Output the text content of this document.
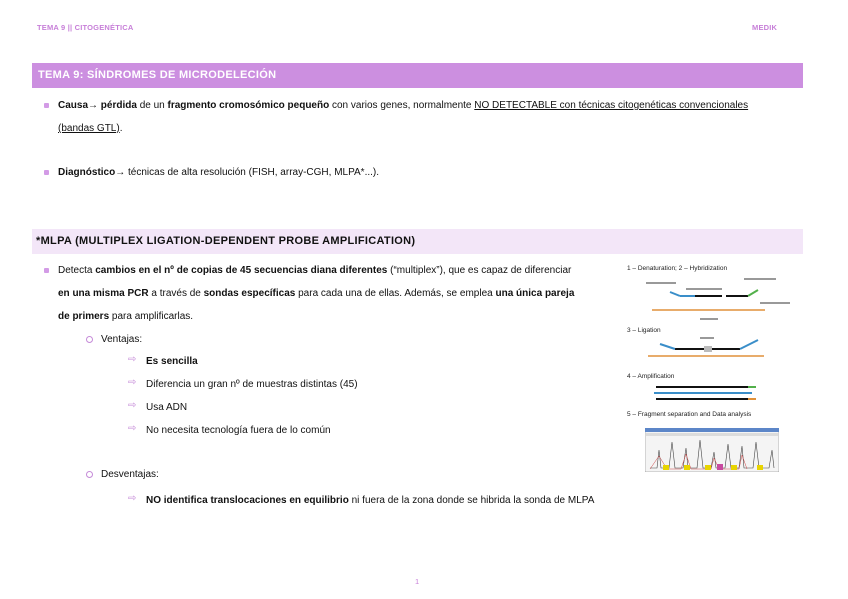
TEMA 9 || CITOGENÉTICA	MEDIK
TEMA 9: SÍNDROMES DE MICRODELECIÓN
Causa→ pérdida de un fragmento cromosómico pequeño con varios genes, normalmente NO DETECTABLE con técnicas citogenéticas convencionales
(bandas GTL).
Diagnóstico→ técnicas de alta resolución (FISH, array-CGH, MLPA*...).
*MLPA (MULTIPLEX LIGATION-DEPENDENT PROBE AMPLIFICATION)
Detecta cambios en el nº de copias de 45 secuencias diana diferentes (“multiplex”), que es capaz de diferenciar
en una misma PCR a través de sondas específicas para cada una de ellas. Además, se emplea una única pareja
de primers para amplificarlas.
Ventajas:
⇨ Es sencilla
⇨ Diferencia un gran nº de muestras distintas (45)
⇨ Usa ADN
⇨ No necesita tecnología fuera de lo común
Desventajas:
⇨ NO identifica translocaciones en equilibrio ni fuera de la zona donde se hibrida la sonda de MLPA
1 – Denaturation; 2 – Hybridization
3 – Ligation
4 – Amplification
5 – Fragment separation and Data analysis
1
